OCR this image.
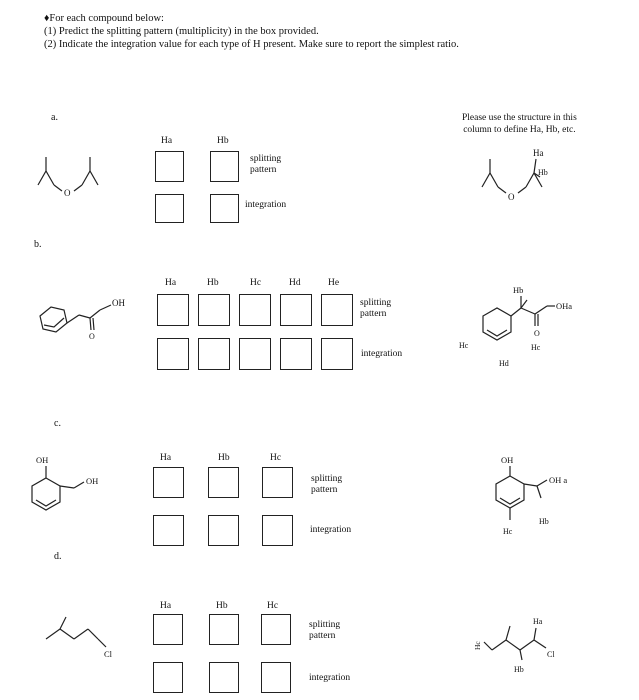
♦For each compound below:
(1) Predict the splitting pattern (multiplicity) in the box provided.
(2) Indicate the integration value for each type of H present. Make sure to report the simplest ratio.
Please use the structure in this
column to define Ha, Hb, etc.
a.
O
Ha	Hb
splitting
pattern
integration
O
Ha
Hb
b.
OH
O
Ha	Hb	Hc	Hd	He
splitting
pattern
integration
Hb
OHa
O
Hc	Hc
Hd
c.
OH
OH
Ha	Hb	Hc
splitting
pattern
integration
OH
OH a
Hb
Hc
d.
Cl
Ha	Hb	Hc
splitting
pattern
integration
Hc
Ha
Cl
Hb
